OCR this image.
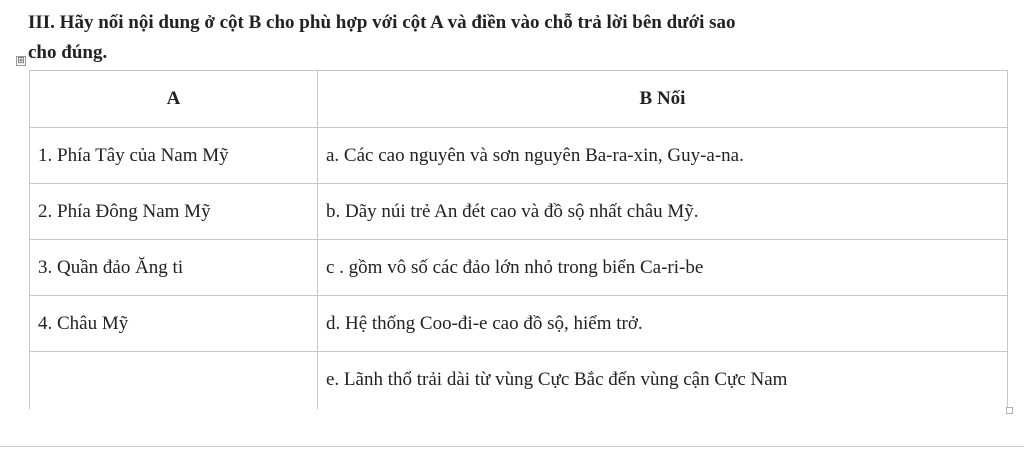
III. Hãy nối nội dung ở cột B cho phù hợp với cột A và điền vào chỗ trả lời bên dưới sao
cho đúng.

⊞
A	B Nối
1. Phía Tây của Nam Mỹ	a. Các cao nguyên và sơn nguyên Ba-ra-xin, Guy-a-na.
2. Phía Đông Nam Mỹ	b. Dãy núi trẻ An đét cao và đồ sộ nhất châu Mỹ.
3. Quần đảo Ăng ti	c . gồm vô số các đảo lớn nhỏ trong biển Ca-ri-be
4. Châu Mỹ	d. Hệ thống Coo-đi-e cao đồ sộ, hiểm trở.
	e. Lãnh thổ trải dài từ vùng Cực Bắc đến vùng cận Cực Nam
